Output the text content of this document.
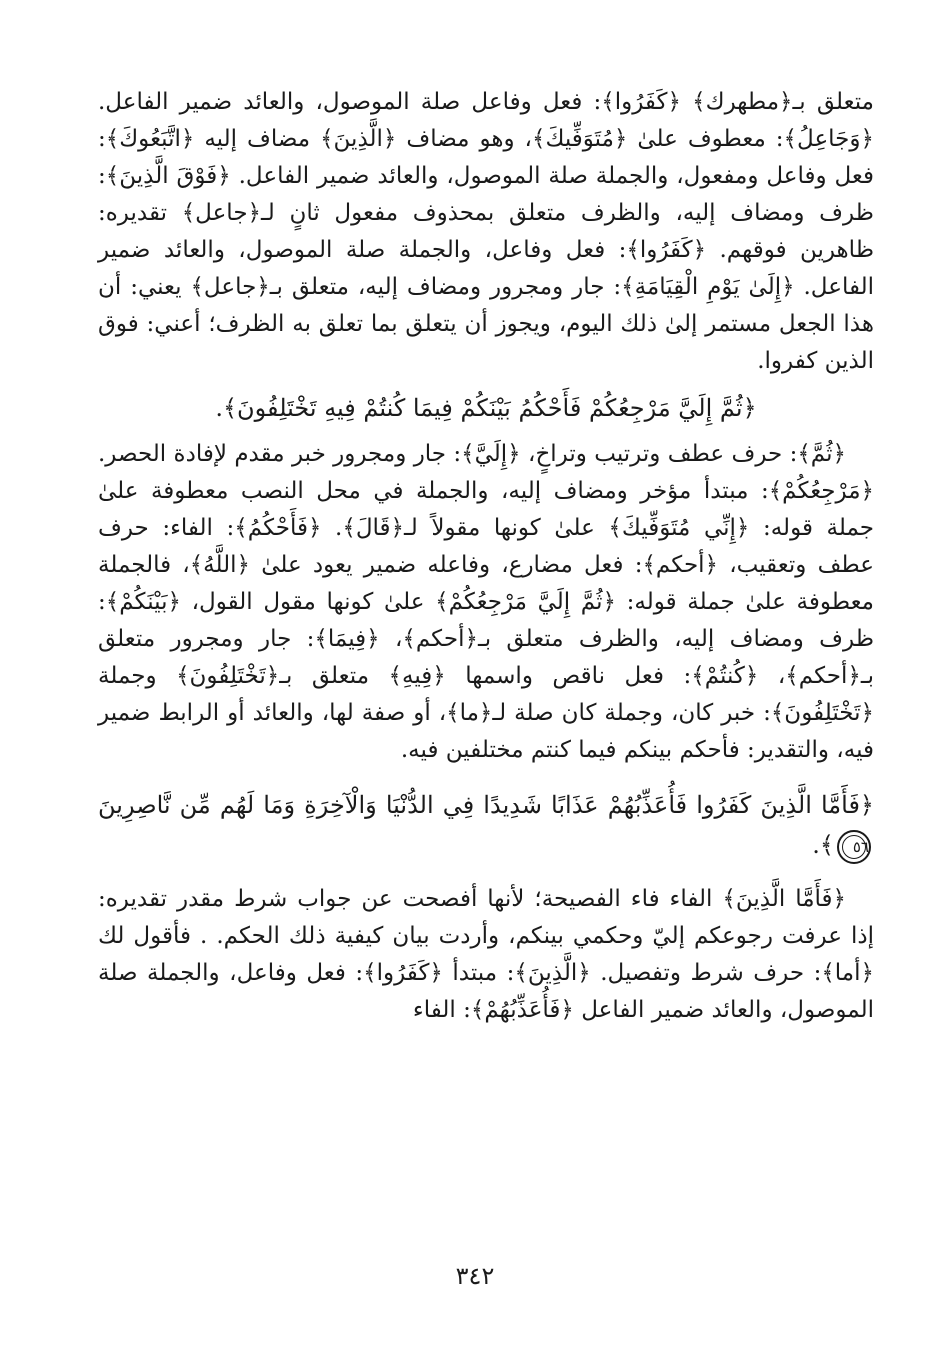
متعلق بـ﴿مطهرك﴾ ﴿كَفَرُوا﴾: فعل وفاعل صلة الموصول، والعائد ضمير الفاعل. ﴿وَجَاعِلُ﴾: معطوف علىٰ ﴿مُتَوَفِّيكَ﴾، وهو مضاف ﴿الَّذِينَ﴾ مضاف إليه ﴿اتَّبَعُوكَ﴾: فعل وفاعل ومفعول، والجملة صلة الموصول، والعائد ضمير الفاعل. ﴿فَوْقَ الَّذِينَ﴾: ظرف ومضاف إليه، والظرف متعلق بمحذوف مفعول ثانٍ لـ﴿جاعل﴾ تقديره: ظاهرين فوقهم. ﴿كَفَرُوا﴾: فعل وفاعل، والجملة صلة الموصول، والعائد ضمير الفاعل. ﴿إِلَىٰ يَوْمِ الْقِيَامَةِ﴾: جار ومجرور ومضاف إليه، متعلق بـ﴿جاعل﴾ يعني: أن هذا الجعل مستمر إلىٰ ذلك اليوم، ويجوز أن يتعلق بما تعلق به الظرف؛ أعني: فوق الذين كفروا.

﴿ثُمَّ إِلَيَّ مَرْجِعُكُمْ فَأَحْكُمُ بَيْنَكُمْ فِيمَا كُنتُمْ فِيهِ تَخْتَلِفُونَ﴾.

﴿ثُمَّ﴾: حرف عطف وترتيب وتراخٍ، ﴿إِلَيَّ﴾: جار ومجرور خبر مقدم لإفادة الحصر. ﴿مَرْجِعُكُمْ﴾: مبتدأ مؤخر ومضاف إليه، والجملة في محل النصب معطوفة علىٰ جملة قوله: ﴿إِنِّي مُتَوَفِّيكَ﴾ علىٰ كونها مقولاً لـ﴿قَالَ﴾. ﴿فَأَحْكُمُ﴾: الفاء: حرف عطف وتعقيب، ﴿أحكم﴾: فعل مضارع، وفاعله ضمير يعود علىٰ ﴿اللَّهُ﴾، فالجملة معطوفة علىٰ جملة قوله: ﴿ثُمَّ إِلَيَّ مَرْجِعُكُمْ﴾ علىٰ كونها مقول القول، ﴿بَيْنَكُمْ﴾: ظرف ومضاف إليه، والظرف متعلق بـ﴿أحكم﴾، ﴿فِيمَا﴾: جار ومجرور متعلق بـ﴿أحكم﴾، ﴿كُنتُمْ﴾: فعل ناقص واسمها ﴿فِيهِ﴾ متعلق بـ﴿تَخْتَلِفُونَ﴾ وجملة ﴿تَخْتَلِفُونَ﴾: خبر كان، وجملة كان صلة لـ﴿ما﴾، أو صفة لها، والعائد أو الرابط ضمير فيه، والتقدير: فأحكم بينكم فيما كنتم مختلفين فيه.

﴿فَأَمَّا الَّذِينَ كَفَرُوا فَأُعَذِّبُهُمْ عَذَابًا شَدِيدًا فِي الدُّنْيَا وَالْآخِرَةِ وَمَا لَهُم مِّن نَّاصِرِينَ ٥٦﴾.

﴿فَأَمَّا الَّذِينَ﴾ الفاء فاء الفصيحة؛ لأنها أفصحت عن جواب شرط مقدر تقديره: إذا عرفت رجوعكم إليّ وحكمي بينكم، وأردت بيان كيفية ذلك الحكم. . فأقول لك ﴿أما﴾: حرف شرط وتفصيل. ﴿الَّذِينَ﴾: مبتدأ ﴿كَفَرُوا﴾: فعل وفاعل، والجملة صلة الموصول، والعائد ضمير الفاعل ﴿فَأُعَذِّبُهُمْ﴾: الفاء

٣٤٢
